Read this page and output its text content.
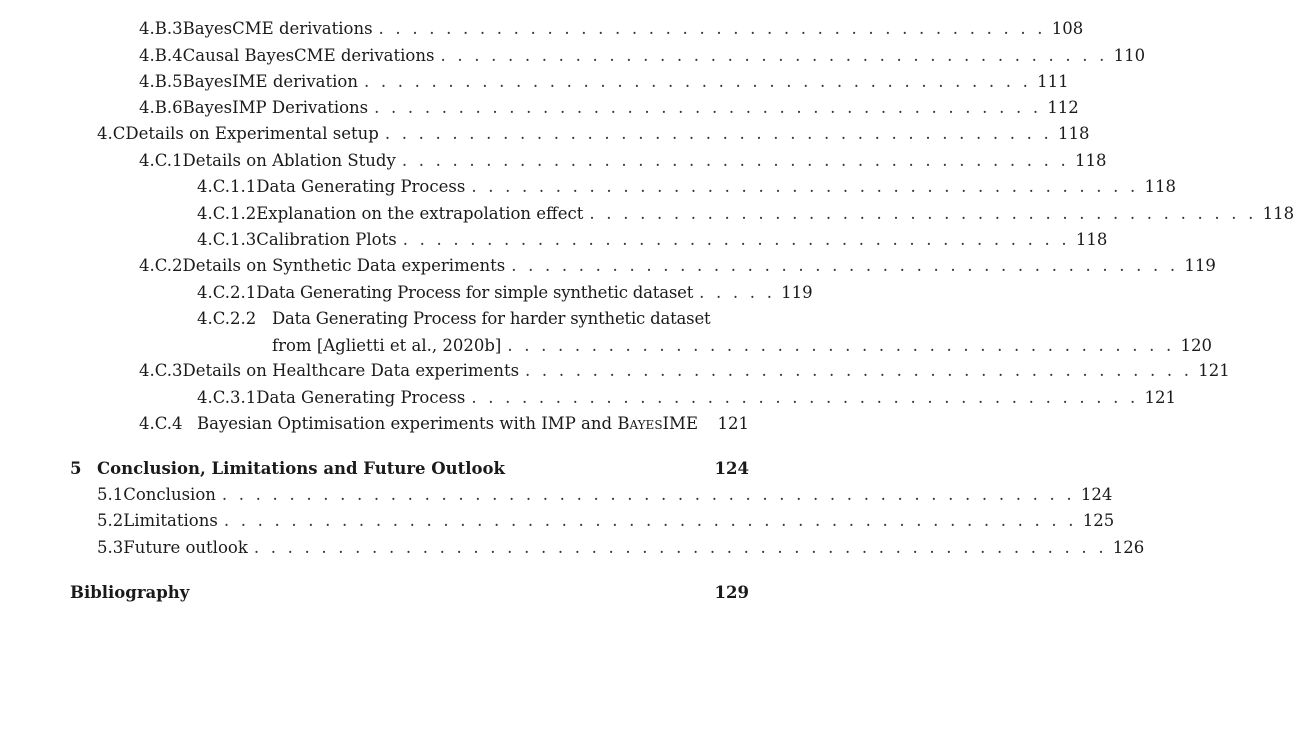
4.B.3 BayesCME derivations . . . . . . . . . . . . . . . . . . . . . . . . . . . . . . . . . . . . . . . . 108
4.B.4 Causal BayesCME derivations . . . . . . . . . . . . . . . . . . . . . . . . . . . . . . . . . . . . . . . . 110
4.B.5 BayesIME derivation . . . . . . . . . . . . . . . . . . . . . . . . . . . . . . . . . . . . . . . . 111
4.B.6 BayesIMP Derivations . . . . . . . . . . . . . . . . . . . . . . . . . . . . . . . . . . . . . . . . 112
4.C Details on Experimental setup . . . . . . . . . . . . . . . . . . . . . . . . . . . . . . . . . . . . . . . . 118
4.C.1 Details on Ablation Study . . . . . . . . . . . . . . . . . . . . . . . . . . . . . . . . . . . . . . . . 118
4.C.1.1 Data Generating Process . . . . . . . . . . . . . . . . . . . . . . . . . . . . . . . . . . . . . . . . 118
4.C.1.2 Explanation on the extrapolation effect . . . . . . . . . . . . . . . . . . . . . . . . . . . . . . . . . . . . . . . . 118
4.C.1.3 Calibration Plots . . . . . . . . . . . . . . . . . . . . . . . . . . . . . . . . . . . . . . . . 118
4.C.2 Details on Synthetic Data experiments . . . . . . . . . . . . . . . . . . . . . . . . . . . . . . . . . . . . . . . . 119
4.C.2.1 Data Generating Process for simple synthetic dataset . . . . . 119
4.C.2.2 Data Generating Process for harder synthetic dataset
from [Aglietti et al., 2020b] . . . . . . . . . . . . . . . . . . . . . . . . . . . . . . . . . . . . . . . . 120
4.C.3 Details on Healthcare Data experiments . . . . . . . . . . . . . . . . . . . . . . . . . . . . . . . . . . . . . . . . 121
4.C.3.1 Data Generating Process . . . . . . . . . . . . . . . . . . . . . . . . . . . . . . . . . . . . . . . . 121
4.C.4 Bayesian Optimisation experiments with IMP and BayesIME 121
5 Conclusion, Limitations and Future Outlook	124
5.1 Conclusion . . . . . . . . . . . . . . . . . . . . . . . . . . . . . . . . . . . . . . . . . . . . . . . . . . . 124
5.2 Limitations . . . . . . . . . . . . . . . . . . . . . . . . . . . . . . . . . . . . . . . . . . . . . . . . . . . 125
5.3 Future outlook . . . . . . . . . . . . . . . . . . . . . . . . . . . . . . . . . . . . . . . . . . . . . . . . . . . 126
Bibliography	129
